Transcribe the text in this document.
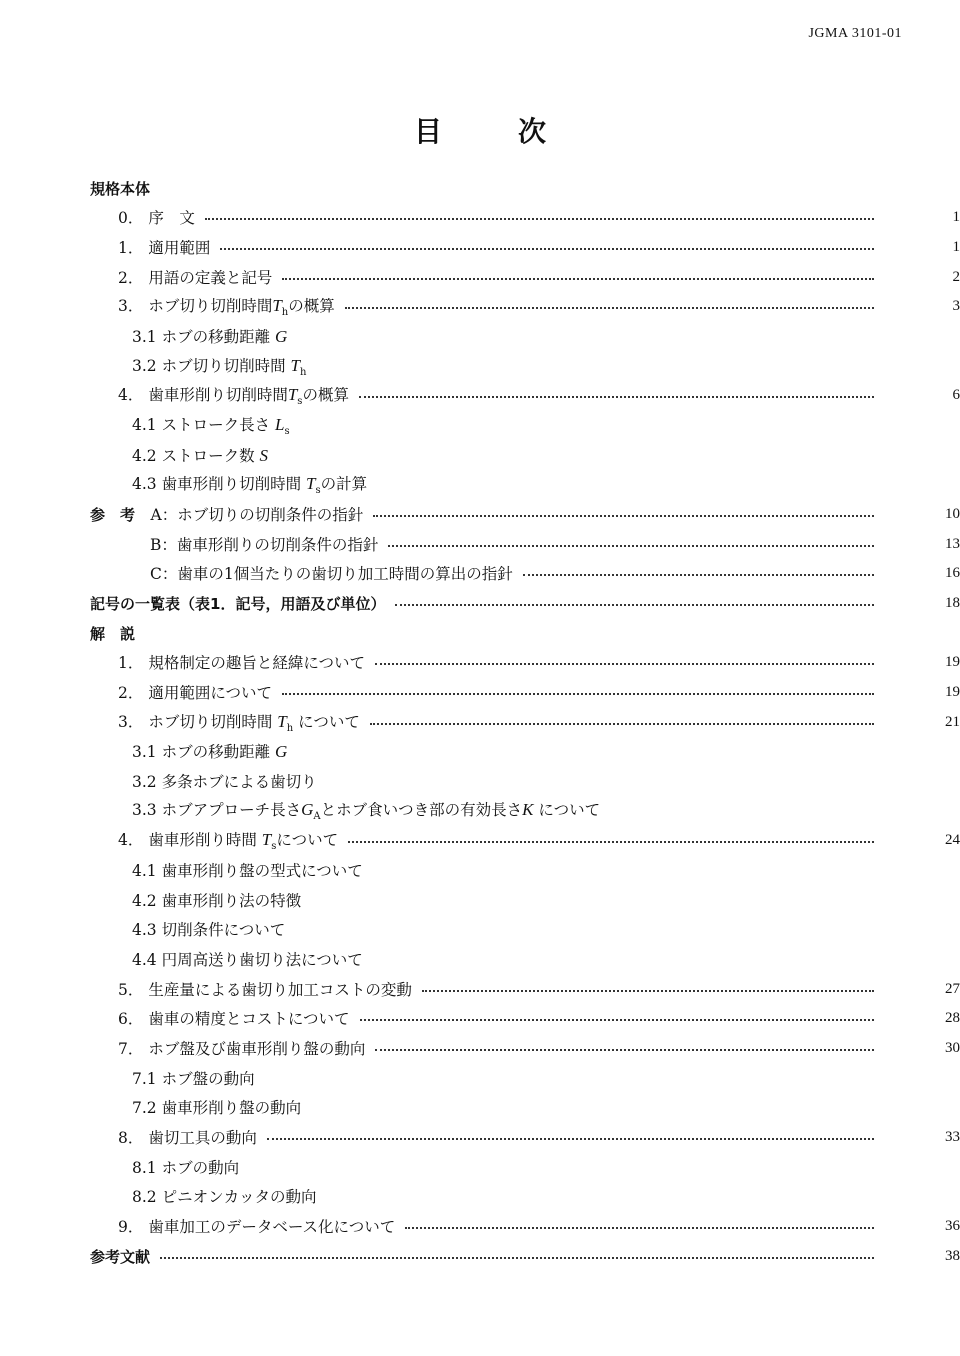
JGMA 3101-01
目	次
規格本体
0． 序　文	1
1． 適用範囲	1
2． 用語の定義と記号	2
3． ホブ切り切削時間$T_h$の概算	3
3.1 ホブの移動距離 G
3.2 ホブ切り切削時間 $T_h$
4． 歯車形削り切削時間$T_s$の概算	6
4.1 ストローク長さ $L_s$
4.2 ストローク数 S
4.3 歯車形削り切削時間 $T_s$の計算
参　考　 A：ホブ切りの切削条件の指針	10
B：歯車形削りの切削条件の指針	13
C：歯車の1個当たりの歯切り加工時間の算出の指針	16
記号の一覧表（表1．記号，用語及び単位）	18
解　説
1． 規格制定の趣旨と経緯について	19
2． 適用範囲について	19
3． ホブ切り切削時間 $T_h$ について	21
3.1 ホブの移動距離 G
3.2 多条ホブによる歯切り
3.3 ホブアプローチ長さ$G_A$とホブ食いつき部の有効長さK について
4． 歯車形削り時間 $T_s$について	24
4.1 歯車形削り盤の型式について
4.2 歯車形削り法の特徴
4.3 切削条件について
4.4 円周高送り歯切り法について
5． 生産量による歯切り加工コストの変動	27
6． 歯車の精度とコストについて	28
7． ホブ盤及び歯車形削り盤の動向	30
7.1 ホブ盤の動向
7.2 歯車形削り盤の動向
8． 歯切工具の動向	33
8.1 ホブの動向
8.2 ピニオンカッタの動向
9． 歯車加工のデータベース化について	36
参考文献	38
